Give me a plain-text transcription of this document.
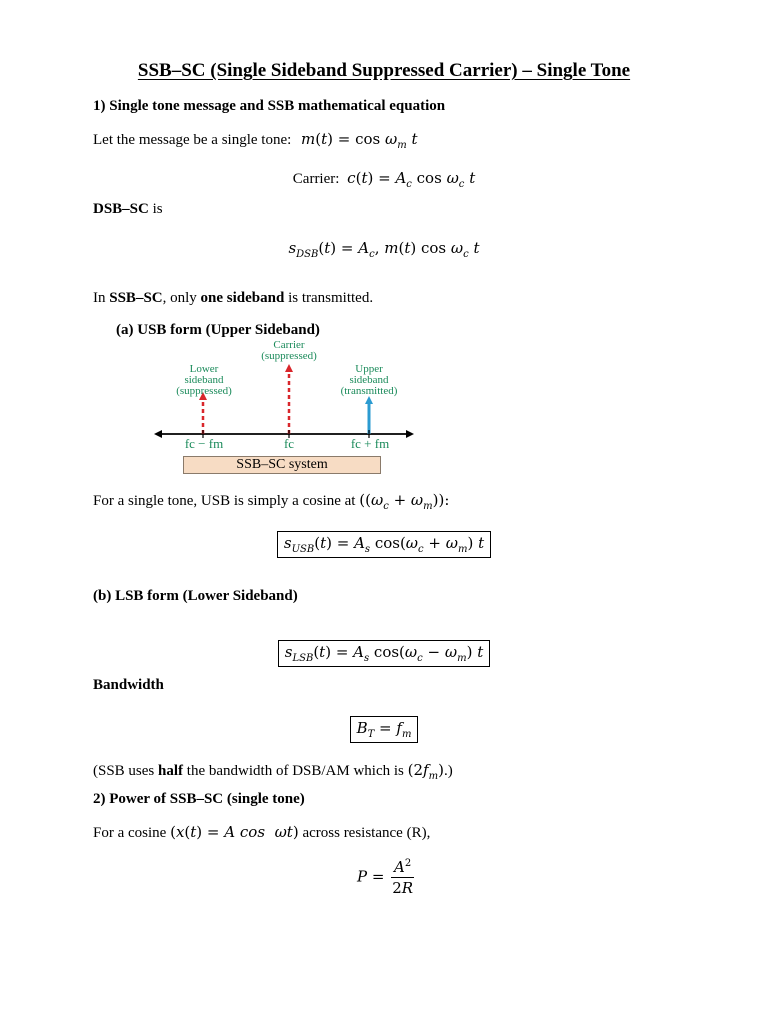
SSB–SC (Single Sideband Suppressed Carrier) – Single Tone
1) Single tone message and SSB mathematical equation
Let the message be a single tone: $m(t) = \cos \omega_m$ t
Carrier: $c(t) = A_c$ $\cos \omega_c$ t
DSB–SC is
$s_{DSB}(t) = A_c$, m(t) $\cos \omega_c$ t
In SSB–SC, only one sideband is transmitted.
(a) USB form (Upper Sideband)
Carrier
(suppressed)
Lower
sideband
(suppressed)
Upper
sideband
(transmitted)
fc − fm	fc	fc + fm
SSB–SC system
For a single tone, USB is simply a cosine at $((\omega_c + \omega_m))$:
$s_{USB}(t) = A_s$ $\cos(\omega_c + \omega_m)$ t
(b) LSB form (Lower Sideband)
$s_{LSB}(t) = A_s$ $\cos(\omega_c - \omega_m)$ t
Bandwidth
$B_T = f_m$
(SSB uses half the bandwidth of DSB/AM which is $(2f_m)$.)
2) Power of SSB–SC (single tone)
For a cosine (x(t) = A cos ωt) across resistance (R),
$P = \frac{A^2}{2R}$
